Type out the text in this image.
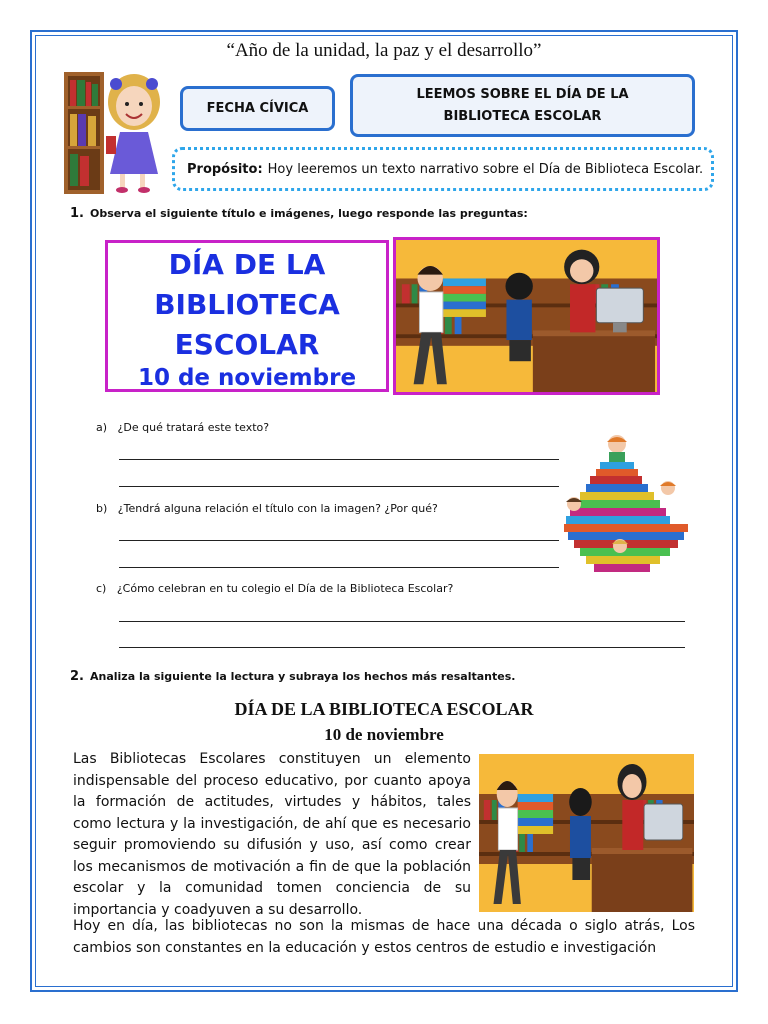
“Año de la unidad, la paz y el desarrollo”
FECHA CÍVICA
LEEMOS SOBRE EL DÍA DE LA
BIBLIOTECA ESCOLAR
Propósito: Hoy leeremos un texto narrativo sobre el Día de Biblioteca Escolar.
1. Observa el siguiente título e imágenes, luego responde las preguntas:
DÍA DE LA
BIBLIOTECA
ESCOLAR
10 de noviembre
a) ¿De qué tratará este texto?
b) ¿Tendrá alguna relación el título con la imagen? ¿Por qué?
c) ¿Cómo celebran en tu colegio el Día de la Biblioteca Escolar?
2. Analiza la siguiente la lectura y subraya los hechos más resaltantes.
DÍA DE LA BIBLIOTECA ESCOLAR
10 de noviembre
Las Bibliotecas Escolares constituyen un elemento indispensable del proceso educativo, por cuanto apoya la formación de actitudes, virtudes y hábitos, tales como lectura y la investigación, de ahí que es necesario seguir promoviendo su difusión y uso, así como crear los mecanismos de motivación a fin de que la población escolar y la comunidad tomen conciencia de su importancia y coadyuven a su desarrollo.
Hoy en día, las bibliotecas no son la mismas de hace una década o siglo atrás, Los cambios son constantes en la educación y estos centros de estudio e investigación
